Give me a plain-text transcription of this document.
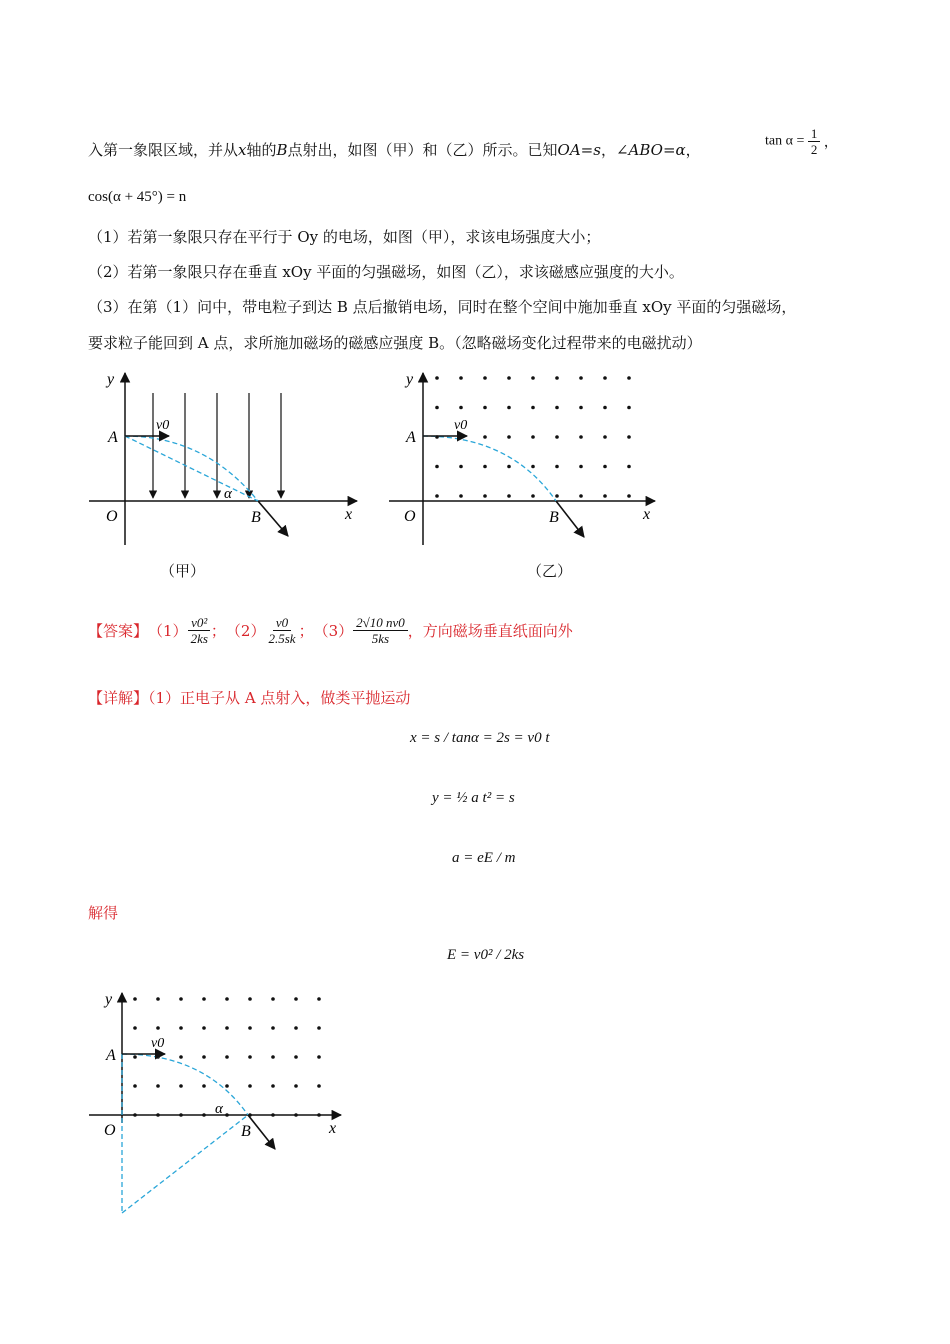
入第一象限区域，并从x轴的B点射出，如图（甲）和（乙）所示。已知OA=s，∠ABO=α，	$\tan \alpha = \frac{1}{2}$ ，
cos(α + 45°) = n
（1）若第一象限只存在平行于 Oy 的电场，如图（甲），求该电场强度大小；
（2）若第一象限只存在垂直 xOy 平面的匀强磁场，如图（乙），求该磁感应强度的大小。
（3）在第（1）问中，带电粒子到达 B 点后撤销电场，同时在整个空间中施加垂直 xOy 平面的匀强磁场，
要求粒子能回到 A 点，求所施加磁场的磁感应强度 B。（忽略磁场变化过程带来的电磁扰动）
y
x
O
A
B
v0
α
（甲）
y
x
O
A
B
v0
（乙）
【答案】 $(1) \frac{\text{v0²}}{2ks}$ ； $(2) \frac{v0}{2.5sk}$ ； $(3) \frac{2√10 nv0}{5ks}$ ，方向磁场垂直纸面向外
【详解】（1）正电子从 A 点射入，做类平抛运动
x = s / tanα = 2s = v0 t
y = ½ a t² = s
a = eE / m
解得
E = v0² / 2ks
y
x
O
A
B
v0
α
